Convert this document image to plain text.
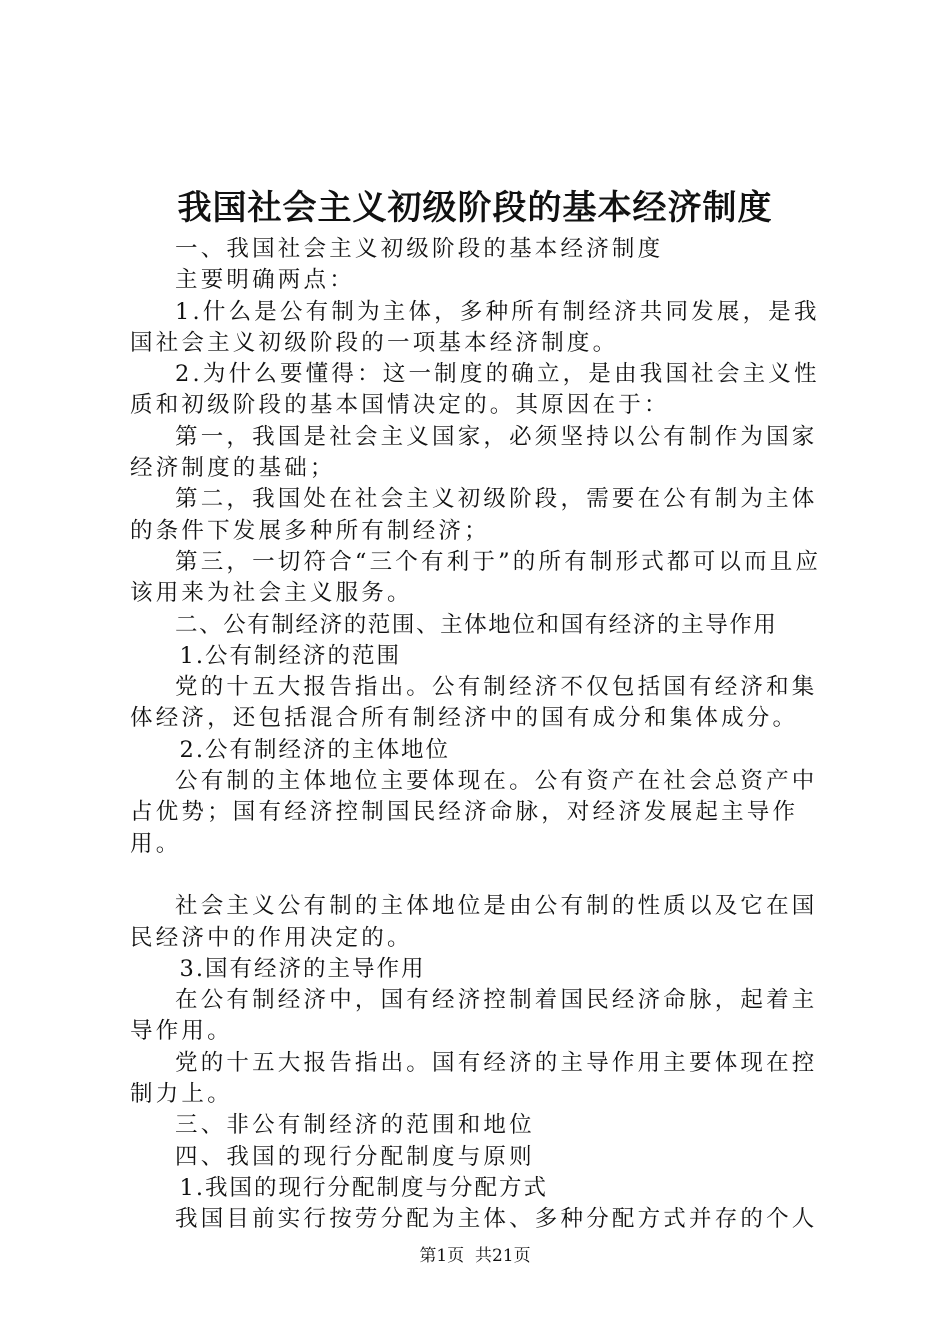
我国社会主义初级阶段的基本经济制度

一、我国社会主义初级阶段的基本经济制度

主要明确两点：

1.什么是公有制为主体，多种所有制经济共同发展，是我国社会主义初级阶段的一项基本经济制度。

2.为什么要懂得：这一制度的确立，是由我国社会主义性质和初级阶段的基本国情决定的。其原因在于：

第一，我国是社会主义国家，必须坚持以公有制作为国家经济制度的基础；

第二，我国处在社会主义初级阶段，需要在公有制为主体的条件下发展多种所有制经济；

第三，一切符合“三个有利于”的所有制形式都可以而且应该用来为社会主义服务。

二、公有制经济的范围、主体地位和国有经济的主导作用

1.公有制经济的范围

党的十五大报告指出。公有制经济不仅包括国有经济和集体经济，还包括混合所有制经济中的国有成分和集体成分。

2.公有制经济的主体地位

公有制的主体地位主要体现在。公有资产在社会总资产中占优势；国有经济控制国民经济命脉，对经济发展起主导作用。

社会主义公有制的主体地位是由公有制的性质以及它在国民经济中的作用决定的。

3.国有经济的主导作用

在公有制经济中，国有经济控制着国民经济命脉，起着主导作用。

党的十五大报告指出。国有经济的主导作用主要体现在控制力上。

三、非公有制经济的范围和地位

四、我国的现行分配制度与原则

1.我国的现行分配制度与分配方式

我国目前实行按劳分配为主体、多种分配方式并存的个人

第1页  共21页
